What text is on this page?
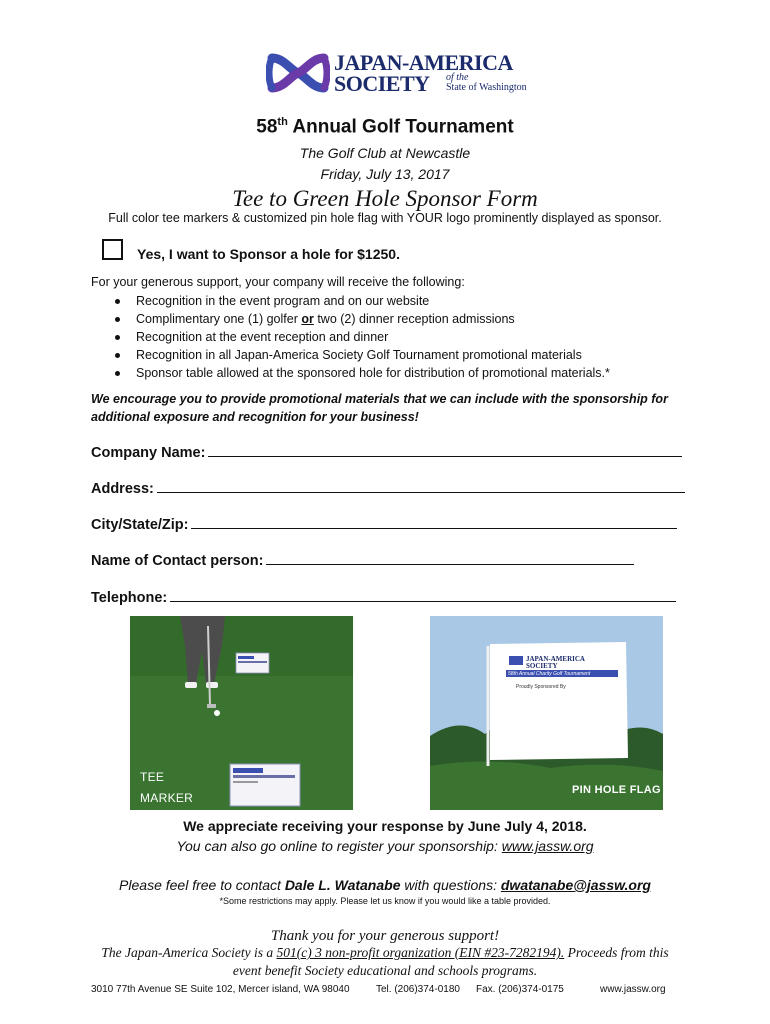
JAPAN-AMERICA
SOCIETY of the
State of Washington
58th Annual Golf Tournament
The Golf Club at Newcastle
Friday, July 13, 2017
Tee to Green Hole Sponsor Form
Full color tee markers & customized pin hole flag with YOUR logo prominently displayed as sponsor.
Yes, I want to Sponsor a hole for $1250.
For your generous support, your company will receive the following:
Recognition in the event program and on our website
Complimentary one (1) golfer or two (2) dinner reception admissions
Recognition at the event reception and dinner
Recognition in all Japan-America Society Golf Tournament promotional materials
Sponsor table allowed at the sponsored hole for distribution of promotional materials.*
We encourage you to provide promotional materials that we can include with the sponsorship for
additional exposure and recognition for your business!
Company Name:
Address:
City/State/Zip:
Name of Contact person:
Telephone:
TEE
MARKER
JAPAN-AMERICA
SOCIETY
58th Annual Charity Golf Tournament
Proudly Sponsored By
PIN HOLE FLAG
We appreciate receiving your response by June July 4, 2018.
You can also go online to register your sponsorship: www.jassw.org
Please feel free to contact Dale L. Watanabe with questions: dwatanabe@jassw.org
*Some restrictions may apply. Please let us know if you would like a table provided.
Thank you for your generous support!
The Japan-America Society is a 501(c) 3 non-profit organization (EIN #23-7282194). Proceeds from this
event benefit Society educational and schools programs.
3010 77th Avenue SE Suite 102, Mercer island, WA 98040	Tel. (206)374-0180 Fax. (206)374-0175	www.jassw.org
